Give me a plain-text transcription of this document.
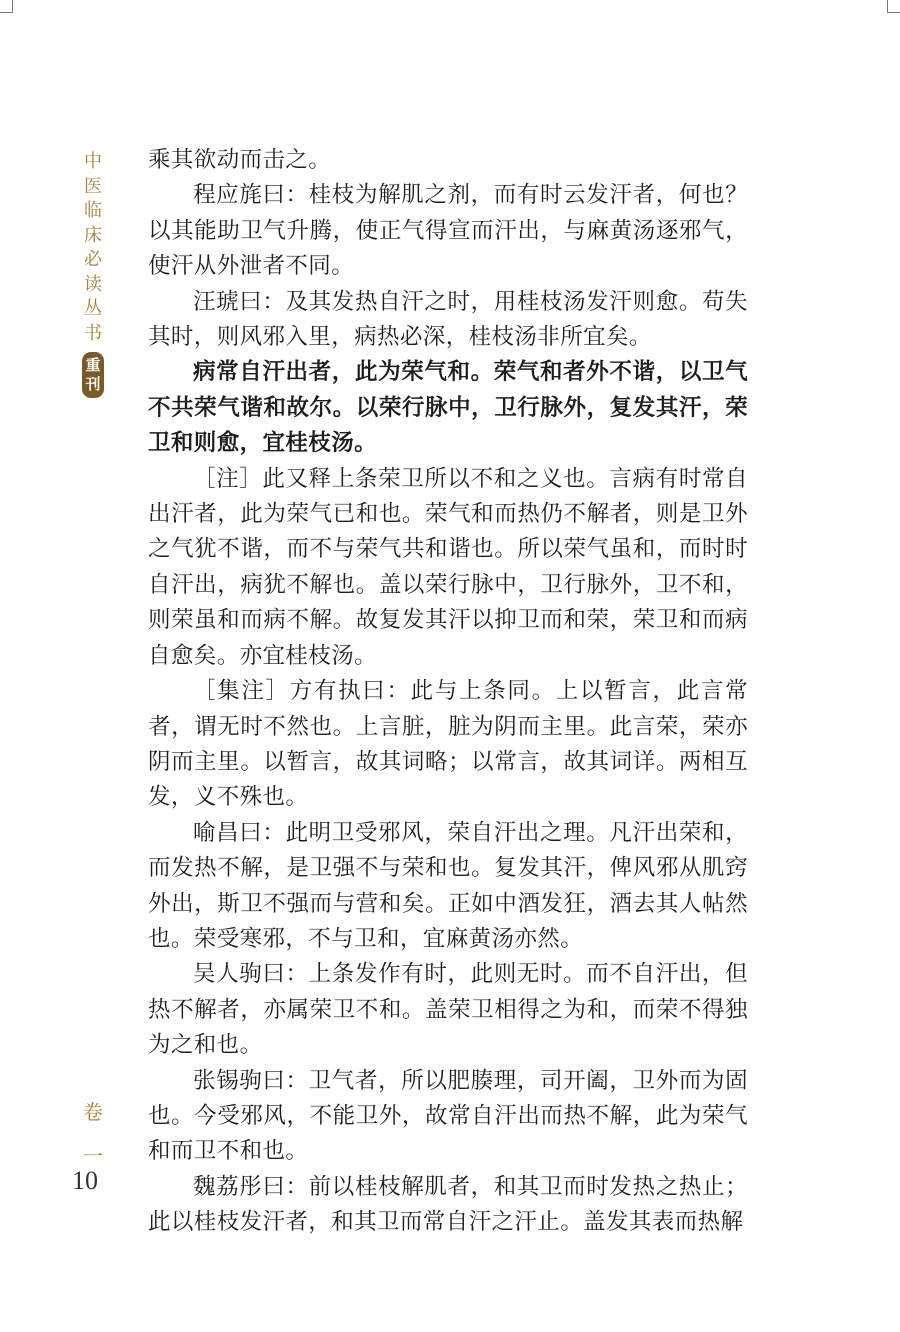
中
医
临
床
必
读
丛
书
重
刊
卷
一
10

乘其欲动而击之。

程应旄曰：桂枝为解肌之剂，而有时云发汗者，何也？以其能助卫气升腾，使正气得宣而汗出，与麻黄汤逐邪气，使汗从外泄者不同。

汪琥曰：及其发热自汗之时，用桂枝汤发汗则愈。苟失其时，则风邪入里，病热必深，桂枝汤非所宜矣。

病常自汗出者，此为荣气和。荣气和者外不谐，以卫气不共荣气谐和故尔。以荣行脉中，卫行脉外，复发其汗，荣卫和则愈，宜桂枝汤。

［注］此又释上条荣卫所以不和之义也。言病有时常自出汗者，此为荣气已和也。荣气和而热仍不解者，则是卫外之气犹不谐，而不与荣气共和谐也。所以荣气虽和，而时时自汗出，病犹不解也。盖以荣行脉中，卫行脉外，卫不和，则荣虽和而病不解。故复发其汗以抑卫而和荣，荣卫和而病自愈矣。亦宜桂枝汤。

［集注］方有执曰：此与上条同。上以暂言，此言常者，谓无时不然也。上言脏，脏为阴而主里。此言荣，荣亦阴而主里。以暂言，故其词略；以常言，故其词详。两相互发，义不殊也。

喻昌曰：此明卫受邪风，荣自汗出之理。凡汗出荣和，而发热不解，是卫强不与荣和也。复发其汗，俾风邪从肌窍外出，斯卫不强而与营和矣。正如中酒发狂，酒去其人帖然也。荣受寒邪，不与卫和，宜麻黄汤亦然。

吴人驹曰：上条发作有时，此则无时。而不自汗出，但热不解者，亦属荣卫不和。盖荣卫相得之为和，而荣不得独为之和也。

张锡驹曰：卫气者，所以肥腠理，司开阖，卫外而为固也。今受邪风，不能卫外，故常自汗出而热不解，此为荣气和而卫不和也。

魏荔彤曰：前以桂枝解肌者，和其卫而时发热之热止；此以桂枝发汗者，和其卫而常自汗之汗止。盖发其表而热解
